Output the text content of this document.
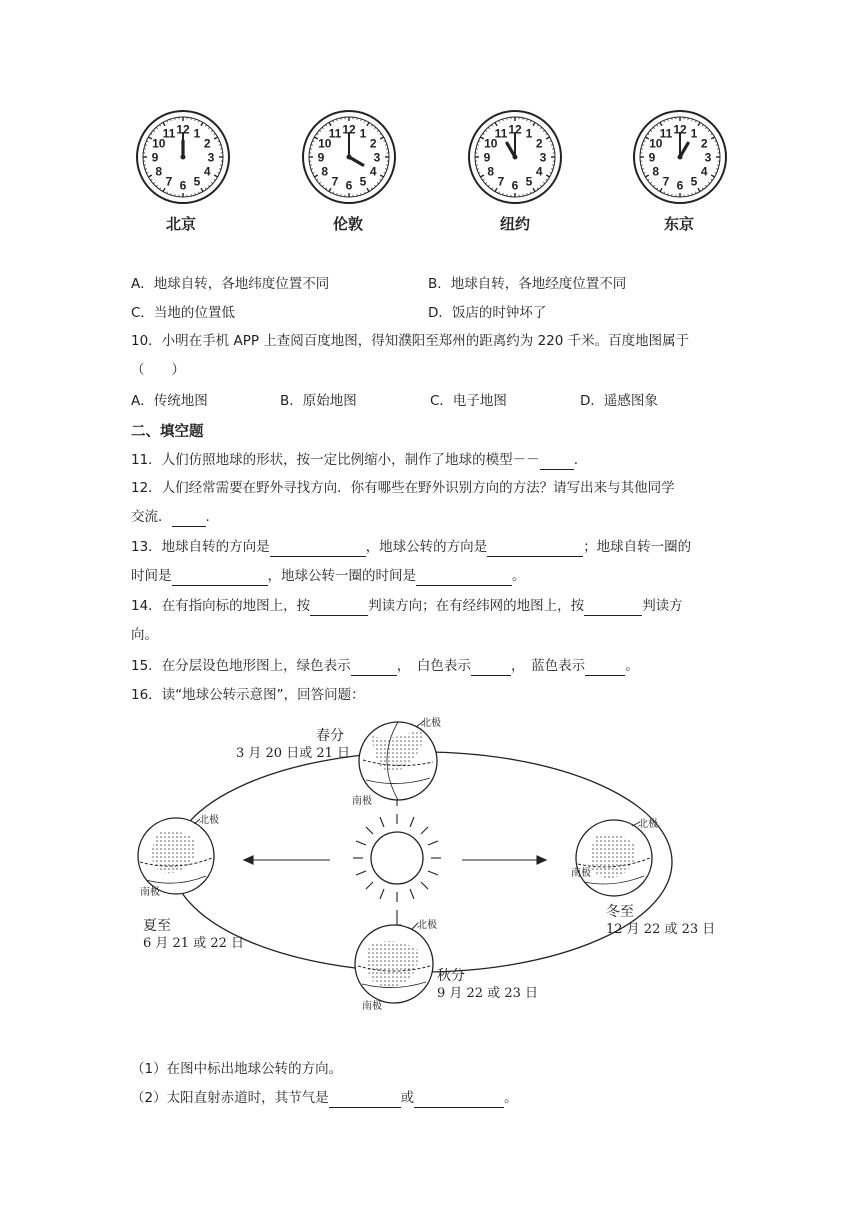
12 1
2
3
4
5
6
7
8
9
10
11	12 1
2
3
4
5
6
7
8
9
10
11	12 1
2
3
4
5
6
7
8
9
10
11	12 1
2
3
4
5
6
7
8
9
10
11
北京	伦敦	纽约	东京
A．地球自转，各地纬度位置不同	B．地球自转，各地经度位置不同
C．当地的位置低	D．饭店的时钟坏了
10．小明在手机 APP 上查阅百度地图，得知濮阳至郑州的距离约为 220 千米。百度地图属于
（　　）
A．传统地图	B．原始地图	C．电子地图	D．遥感图象
二、填空题
11．人们仿照地球的形状，按一定比例缩小，制作了地球的模型－－	.
12．人们经常需要在野外寻找方向．你有哪些在野外识别方向的方法？请写出来与其他同学
交流．	.
13．地球自转的方向是	，地球公转的方向是	；地球自转一圈的
时间是	，地球公转一圈的时间是	。
14．在有指向标的地图上，按	判读方向；在有经纬网的地图上，按	判读方
向。
15．在分层设色地形图上，绿色表示	，　白色表示	，　蓝色表示	。
16．读“地球公转示意图”，回答问题：
北极
南极
北极
南极
北极
南极
北极
南极
春分
3 月 20 日或 21 日
夏至
6 月 21 或 22 日
秋分
9 月 22 或 23 日
冬至
12 月 22 或 23 日
（1）在图中标出地球公转的方向。
（2）太阳直射赤道时，其节气是	或	。
